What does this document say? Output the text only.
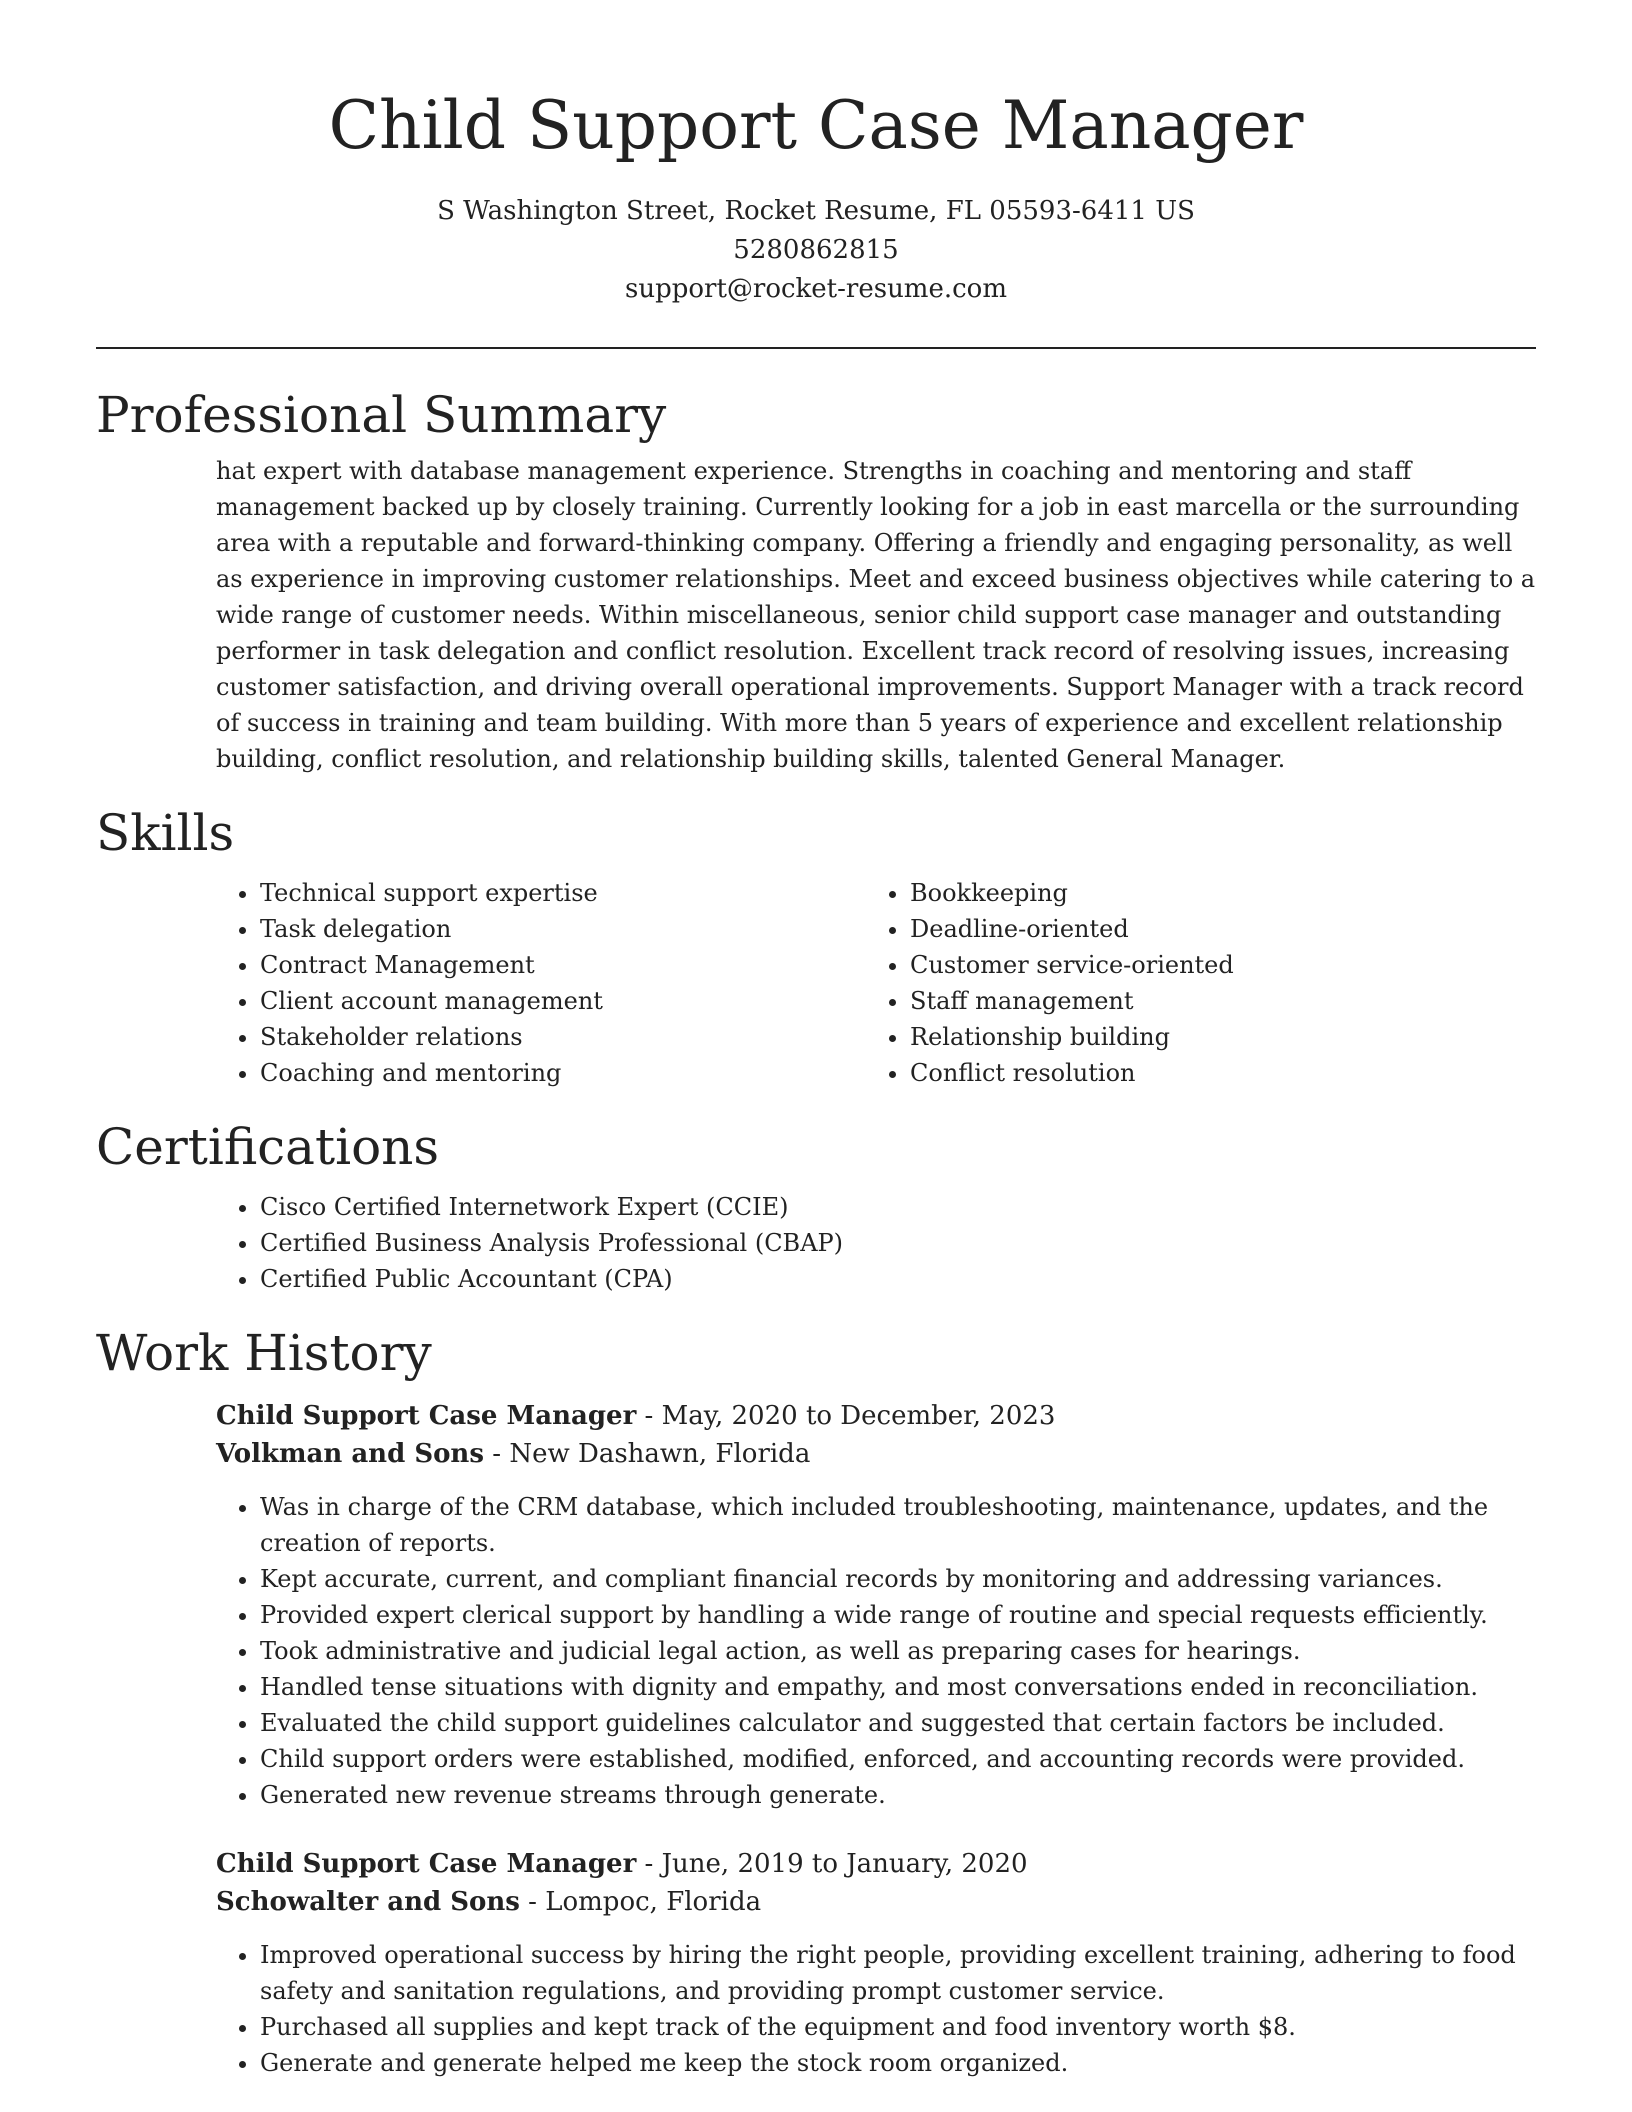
Child Support Case Manager
S Washington Street, Rocket Resume, FL 05593-6411 US
5280862815
support@rocket-resume.com
Professional Summary

hat expert with database management experience. Strengths in coaching and mentoring and staff management backed up by closely training. Currently looking for a job in east marcella or the surrounding area with a reputable and forward-thinking company. Offering a friendly and engaging personality, as well as experience in improving customer relationships. Meet and exceed business objectives while catering to a wide range of customer needs. Within miscellaneous, senior child support case manager and outstanding performer in task delegation and conflict resolution. Excellent track record of resolving issues, increasing customer satisfaction, and driving overall operational improvements. Support Manager with a track record of success in training and team building. With more than 5 years of experience and excellent relationship building, conflict resolution, and relationship building skills, talented General Manager.

Skills
• Technical support expertise
• Task delegation
• Contract Management
• Client account management
• Stakeholder relations
• Coaching and mentoring
• Bookkeeping
• Deadline-oriented
• Customer service-oriented
• Staff management
• Relationship building
• Conflict resolution
Certifications
• Cisco Certified Internetwork Expert (CCIE)
• Certified Business Analysis Professional (CBAP)
• Certified Public Accountant (CPA)
Work History
Child Support Case Manager - May, 2020 to December, 2023
Volkman and Sons - New Dashawn, Florida
• Was in charge of the CRM database, which included troubleshooting, maintenance, updates, and the creation of reports.
• Kept accurate, current, and compliant financial records by monitoring and addressing variances.
• Provided expert clerical support by handling a wide range of routine and special requests efficiently.
• Took administrative and judicial legal action, as well as preparing cases for hearings.
• Handled tense situations with dignity and empathy, and most conversations ended in reconciliation.
• Evaluated the child support guidelines calculator and suggested that certain factors be included.
• Child support orders were established, modified, enforced, and accounting records were provided.
• Generated new revenue streams through generate.
Child Support Case Manager - June, 2019 to January, 2020
Schowalter and Sons - Lompoc, Florida
• Improved operational success by hiring the right people, providing excellent training, adhering to food safety and sanitation regulations, and providing prompt customer service.
• Purchased all supplies and kept track of the equipment and food inventory worth $8.
• Generate and generate helped me keep the stock room organized.
